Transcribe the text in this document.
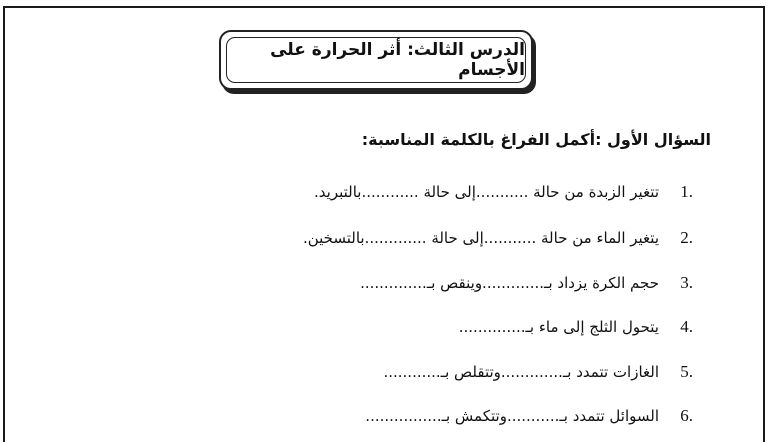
الدرس الثالث: أثر الحرارة على الأجسام
السؤال الأول :أكمل الفراغ بالكلمة المناسبة:
1.
تتغير الزبدة من حالة ...........إلى حالة ............بالتبريد.
2.
يتغير الماء من حالة ...........إلى حالة .............بالتسخين.
3.
حجم الكرة يزداد بـ.............وينقص بـ..............
4.
يتحول الثلج إلى ماء بـ..............
5.
الغازات تتمدد بـ.............وتتقلص بـ............
6.
السوائل تتمدد بـ...........وتتكمش بـ................
